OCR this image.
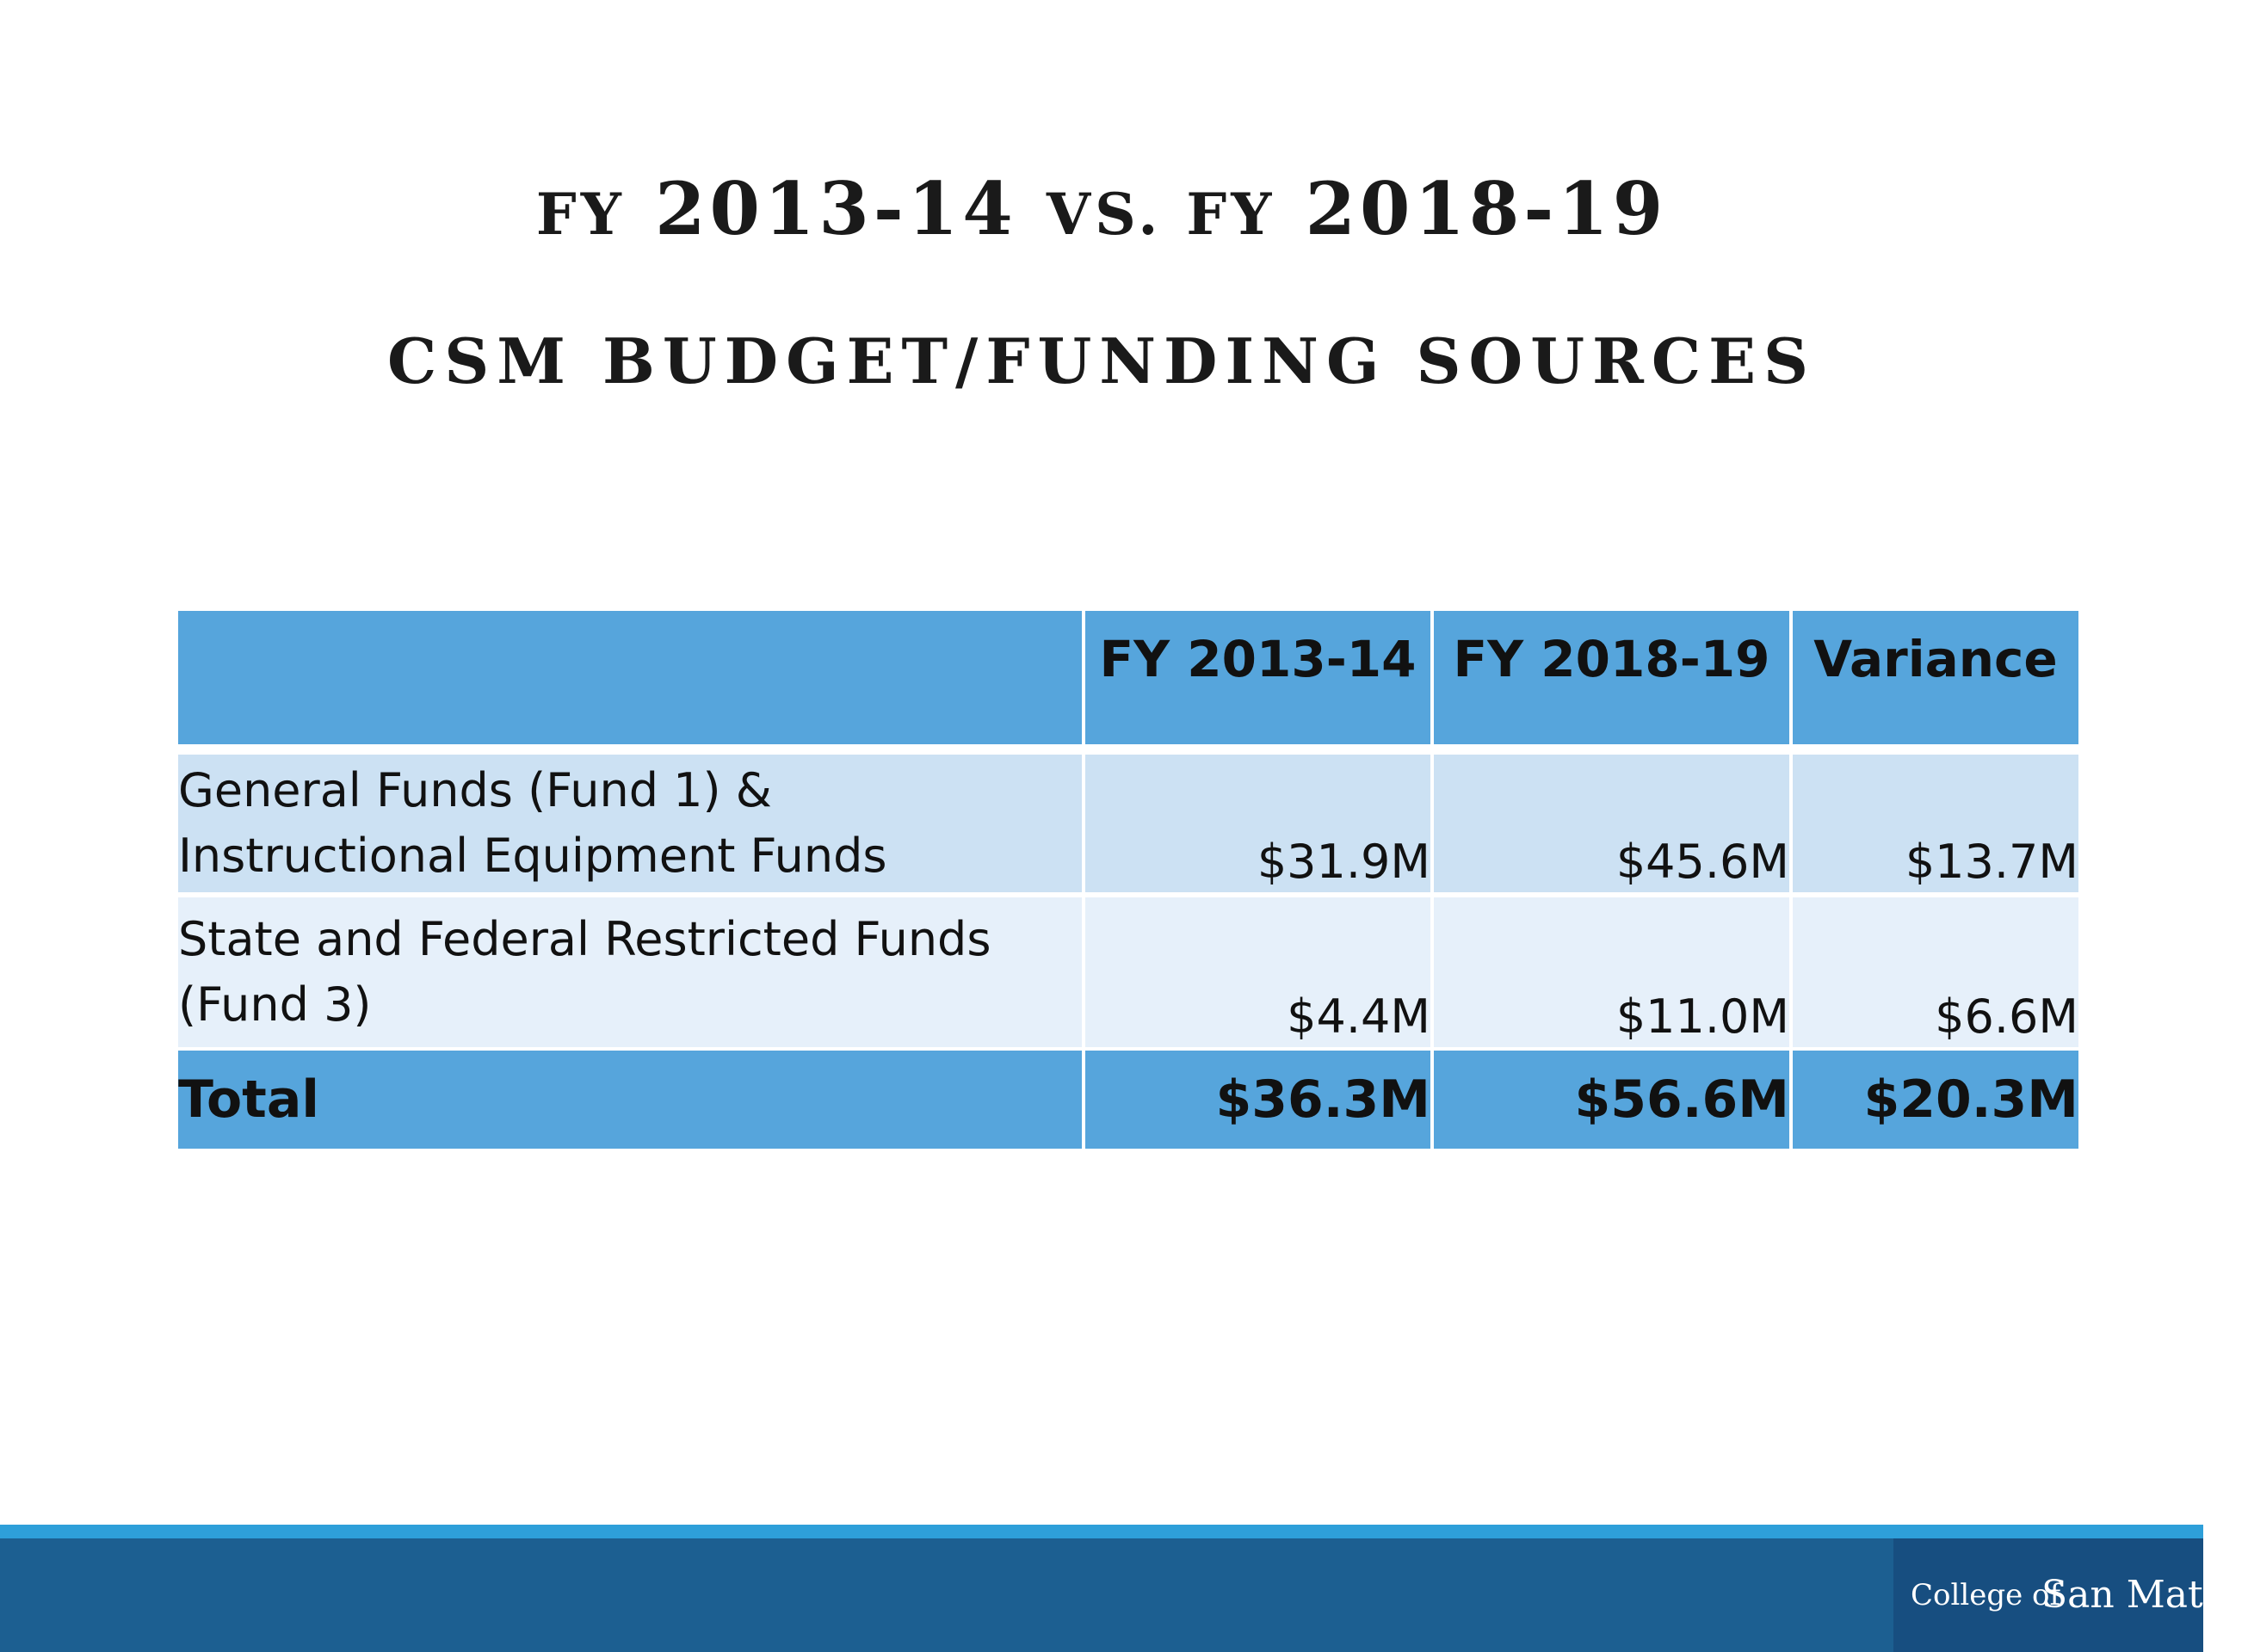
FY 2013-14 VS. FY 2018-19
CSM BUDGET/FUNDING SOURCES
	FY 2013-14	FY 2018-19	Variance

General Funds (Fund 1) &
Instructional Equipment Funds	$31.9M	$45.6M	$13.7M

State and Federal Restricted Funds
(Fund 3)	$4.4M	$11.0M	$6.6M
Total	$36.3M	$56.6M	$20.3M
College of
San Mateo
